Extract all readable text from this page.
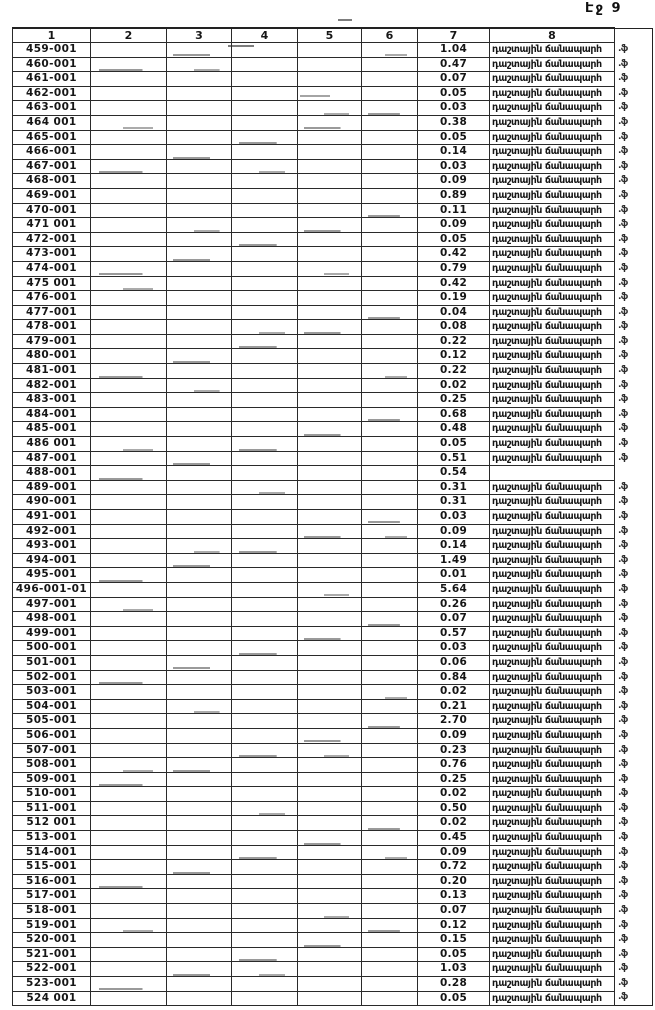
Էջ 9
1	2	3	4	5	6	7	8	
459-001						1.04	դաշտային ճանապարհ	.ֆ
460-001						0.47	դաշտային ճանապարհ	.ֆ
461-001						0.07	դաշտային ճանապարհ	.ֆ
462-001						0.05	դաշտային ճանապարհ	.ֆ
463-001						0.03	դաշտային ճանապարհ	.ֆ
464 001						0.38	դաշտային ճանապարհ	.ֆ
465-001						0.05	դաշտային ճանապարհ	.ֆ
466-001						0.14	դաշտային ճանապարհ	.ֆ
467-001						0.03	դաշտային ճանապարհ	.ֆ
468-001						0.09	դաշտային ճանապարհ	.ֆ
469-001						0.89	դաշտային ճանապարհ	.ֆ
470-001						0.11	դաշտային ճանապարհ	.ֆ
471 001						0.09	դաշտային ճանապարհ	.ֆ
472-001						0.05	դաշտային ճանապարհ	.ֆ
473-001						0.42	դաշտային ճանապարհ	.ֆ
474-001						0.79	դաշտային ճանապարհ	.ֆ
475 001						0.42	դաշտային ճանապարհ	.ֆ
476-001						0.19	դաշտային ճանապարհ	.ֆ
477-001						0.04	դաշտային ճանապարհ	.ֆ
478-001						0.08	դաշտային ճանապարհ	.ֆ
479-001						0.22	դաշտային ճանապարհ	.ֆ
480-001						0.12	դաշտային ճանապարհ	.ֆ
481-001						0.22	դաշտային ճանապարհ	.ֆ
482-001						0.02	դաշտային ճանապարհ	.ֆ
483-001						0.25	դաշտային ճանապարհ	.ֆ
484-001						0.68	դաշտային ճանապարհ	.ֆ
485-001						0.48	դաշտային ճանապարհ	.ֆ
486 001						0.05	դաշտային ճանապարհ	.ֆ
487-001						0.51	դաշտային ճանապարհ	.ֆ
488-001						0.54		
489-001						0.31	դաշտային ճանապարհ	.ֆ
490-001						0.31	դաշտային ճանապարհ	.ֆ
491-001						0.03	դաշտային ճանապարհ	.ֆ
492-001						0.09	դաշտային ճանապարհ	.ֆ
493-001						0.14	դաշտային ճանապարհ	.ֆ
494-001						1.49	դաշտային ճանապարհ	.ֆ
495-001						0.01	դաշտային ճանապարհ	.ֆ
496-001-01						5.64	դաշտային ճանապարհ	.ֆ
497-001						0.26	դաշտային ճանապարհ	.ֆ
498-001						0.07	դաշտային ճանապարհ	.ֆ
499-001						0.57	դաշտային ճանապարհ	.ֆ
500-001						0.03	դաշտային ճանապարհ	.ֆ
501-001						0.06	դաշտային ճանապարհ	.ֆ
502-001						0.84	դաշտային ճանապարհ	.ֆ
503-001						0.02	դաշտային ճանապարհ	.ֆ
504-001						0.21	դաշտային ճանապարհ	.ֆ
505-001						2.70	դաշտային ճանապարհ	.ֆ
506-001						0.09	դաշտային ճանապարհ	.ֆ
507-001						0.23	դաշտային ճանապարհ	.ֆ
508-001						0.76	դաշտային ճանապարհ	.ֆ
509-001						0.25	դաշտային ճանապարհ	.ֆ
510-001						0.02	դաշտային ճանապարհ	.ֆ
511-001						0.50	դաշտային ճանապարհ	.ֆ
512 001						0.02	դաշտային ճանապարհ	.ֆ
513-001						0.45	դաշտային ճանապարհ	.ֆ
514-001						0.09	դաշտային ճանապարհ	.ֆ
515-001						0.72	դաշտային ճանապարհ	.ֆ
516-001						0.20	դաշտային ճանապարհ	.ֆ
517-001						0.13	դաշտային ճանապարհ	.ֆ
518-001						0.07	դաշտային ճանապարհ	.ֆ
519-001						0.12	դաշտային ճանապարհ	.ֆ
520-001						0.15	դաշտային ճանապարհ	.ֆ
521-001						0.05	դաշտային ճանապարհ	.ֆ
522-001						1.03	դաշտային ճանապարհ	.ֆ
523-001						0.28	դաշտային ճանապարհ	.ֆ
524 001						0.05	դաշտային ճանապարհ	.ֆ
